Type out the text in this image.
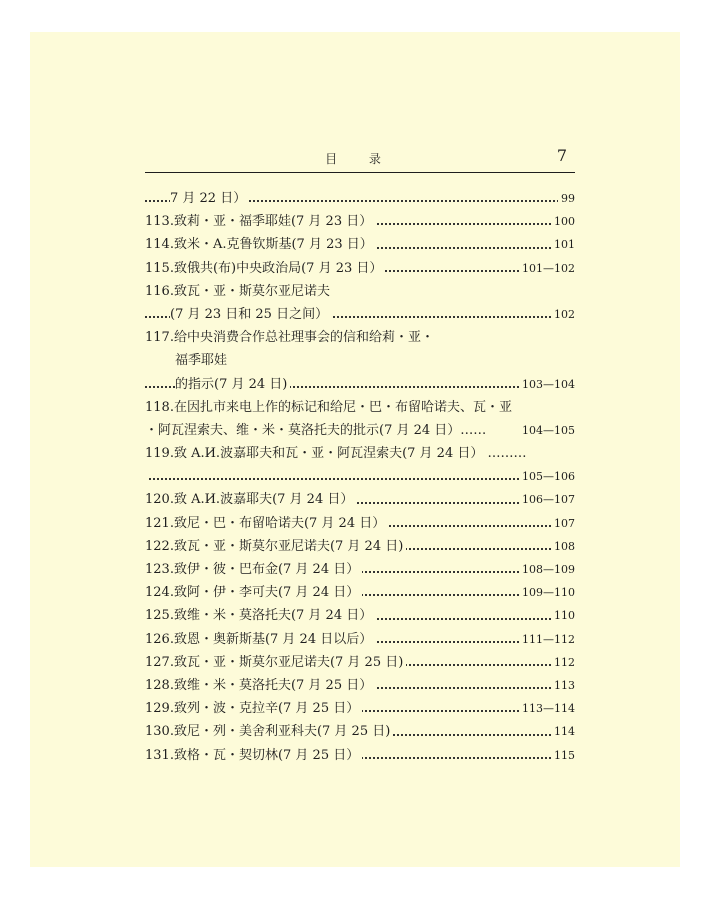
目 录	7
7 月 22 日）	99
113.致莉・亚・福季耶娃(7 月 23 日）	100
114.致米・A.克鲁钦斯基(7 月 23 日）	101
115.致俄共(布)中央政治局(7 月 23 日）	101—102
116.致瓦・亚・斯莫尔亚尼诺夫
(7 月 23 日和 25 日之间）	102
117.给中央消费合作总社理事会的信和给莉・亚・
福季耶娃
的指示(7 月 24 日)	103—104
118.在因扎市来电上作的标记和给尼・巴・布留哈诺夫、瓦・亚
・阿瓦涅索夫、维・米・莫洛托夫的批示(7 月 24 日）……	104—105
119.致 A.И.波嘉耶夫和瓦・亚・阿瓦涅索夫(7 月 24 日） ………
105—106
120.致 A.И.波嘉耶夫(7 月 24 日）	106—107
121.致尼・巴・布留哈诺夫(7 月 24 日）	107
122.致瓦・亚・斯莫尔亚尼诺夫(7 月 24 日)	108
123.致伊・彼・巴布金(7 月 24 日）	108—109
124.致阿・伊・李可夫(7 月 24 日）	109—110
125.致维・米・莫洛托夫(7 月 24 日）	110
126.致恩・奥新斯基(7 月 24 日以后）	111—112
127.致瓦・亚・斯莫尔亚尼诺夫(7 月 25 日)	112
128.致维・米・莫洛托夫(7 月 25 日）	113
129.致列・波・克拉辛(7 月 25 日）	113—114
130.致尼・列・美舍利亚科夫(7 月 25 日)	114
131.致格・瓦・契切林(7 月 25 日）	115
